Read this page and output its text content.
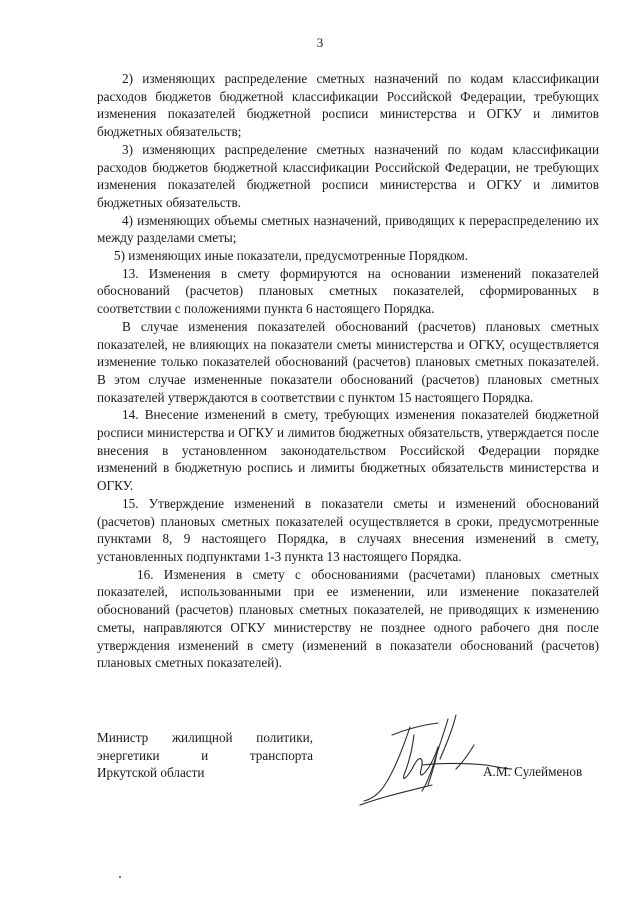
3

2) изменяющих распределение сметных назначений по кодам классификации расходов бюджетов бюджетной классификации Российской Федерации, требующих изменения показателей бюджетной росписи министерства и ОГКУ и лимитов бюджетных обязательств;

3) изменяющих распределение сметных назначений по кодам классификации расходов бюджетов бюджетной классификации Российской Федерации, не требующих изменения показателей бюджетной росписи министерства и ОГКУ и лимитов бюджетных обязательств.

4) изменяющих объемы сметных назначений, приводящих к перераспределению их между разделами сметы;

5) изменяющих иные показатели, предусмотренные Порядком.

13. Изменения в смету формируются на основании изменений показателей обоснований (расчетов) плановых сметных показателей, сформированных в соответствии с положениями пункта 6 настоящего Порядка.

В случае изменения показателей обоснований (расчетов) плановых сметных показателей, не влияющих на показатели сметы министерства и ОГКУ, осуществляется изменение только показателей обоснований (расчетов) плановых сметных показателей. В этом случае измененные показатели обоснований (расчетов) плановых сметных показателей утверждаются в соответствии с пунктом 15 настоящего Порядка.

14. Внесение изменений в смету, требующих изменения показателей бюджетной росписи министерства и ОГКУ и лимитов бюджетных обязательств, утверждается после внесения в установленном законодательством Российской Федерации порядке изменений в бюджетную роспись и лимиты бюджетных обязательств министерства и ОГКУ.

15. Утверждение изменений в показатели сметы и изменений обоснований (расчетов) плановых сметных показателей осуществляется в сроки, предусмотренные пунктами 8, 9 настоящего Порядка, в случаях внесения изменений в смету, установленных подпунктами 1-3 пункта 13 настоящего Порядка.

16. Изменения в смету с обоснованиями (расчетами) плановых сметных показателей, использованными при ее изменении, или изменение показателей обоснований (расчетов) плановых сметных показателей, не приводящих к изменению сметы, направляются ОГКУ министерству не позднее одного рабочего дня после утверждения изменений в смету (изменений в показатели обоснований (расчетов) плановых сметных показателей).

Министр жилищной политики,
энергетики и транспорта
Иркутской области	А.М. Сулейменов
